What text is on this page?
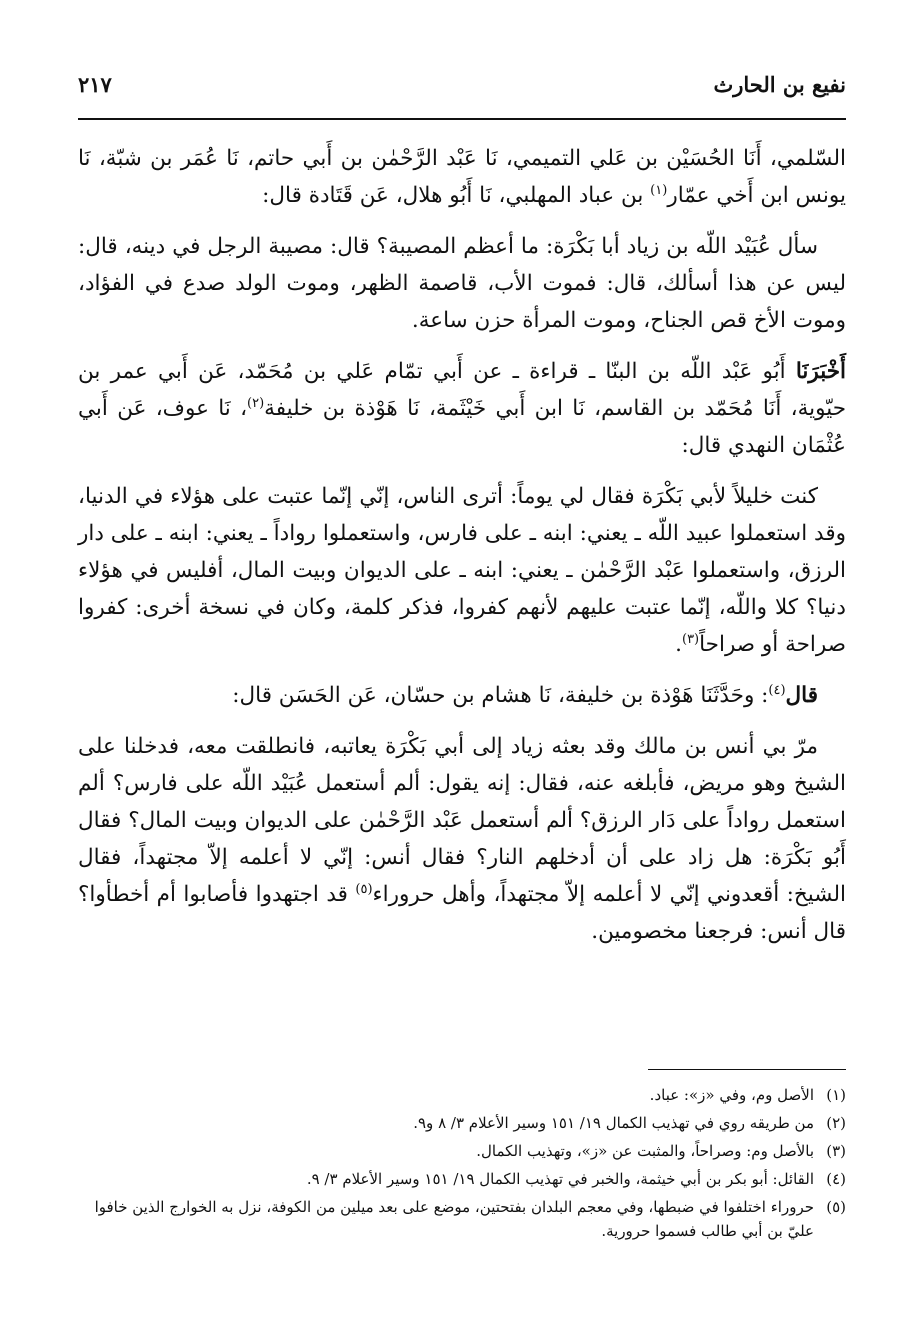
نفيع بن الحارث
٢١٧

السّلمي، أَنَا الحُسَيْن بن عَلي التميمي، نَا عَبْد الرَّحْمٰن بن أَبي حاتم، نَا عُمَر بن شبّة، نَا يونس ابن أَخي عمّار$^{(١)}$ بن عباد المهلبي، نَا أَبُو هلال، عَن قَتَادة قال:

سأل عُبَيْد اللّه بن زياد أبا بَكْرَة: ما أعظم المصيبة؟ قال: مصيبة الرجل في دينه، قال: ليس عن هذا أسألك، قال: فموت الأب، قاصمة الظهر، وموت الولد صدع في الفؤاد، وموت الأخ قص الجناح، وموت المرأة حزن ساعة.

أَخْبَرَنَا أَبُو عَبْد اللّه بن البنّا ـ قراءة ـ عن أَبي تمّام عَلي بن مُحَمّد، عَن أَبي عمر بن حيّوية، أَنَا مُحَمّد بن القاسم، نَا ابن أَبي خَيْثَمة، نَا هَوْذة بن خليفة$^{(٢)}$، نَا عوف، عَن أَبي عُثْمَان النهدي قال:

كنت خليلاً لأبي بَكْرَة فقال لي يوماً: أترى الناس، إنّي إنّما عتبت على هؤلاء في الدنيا، وقد استعملوا عبيد اللّه ـ يعني: ابنه ـ على فارس، واستعملوا رواداً ـ يعني: ابنه ـ على دار الرزق، واستعملوا عَبْد الرَّحْمٰن ـ يعني: ابنه ـ على الديوان وبيت المال، أفليس في هؤلاء دنيا؟ كلا واللّه، إنّما عتبت عليهم لأنهم كفروا، فذكر كلمة، وكان في نسخة أخرى: كفروا صراحة أو صراحاً$^{(٣)}$.

قال$^{(٤)}$: وحَدَّثَنَا هَوْذة بن خليفة، نَا هشام بن حسّان، عَن الحَسَن قال:

مرّ بي أنس بن مالك وقد بعثه زياد إلى أبي بَكْرَة يعاتبه، فانطلقت معه، فدخلنا على الشيخ وهو مريض، فأبلغه عنه، فقال: إنه يقول: ألم أستعمل عُبَيْد اللّه على فارس؟ ألم استعمل رواداً على دَار الرزق؟ ألم أستعمل عَبْد الرَّحْمٰن على الديوان وبيت المال؟ فقال أَبُو بَكْرَة: هل زاد على أن أدخلهم النار؟ فقال أنس: إنّي لا أعلمه إلاّ مجتهداً، فقال الشيخ: أقعدوني إنّي لا أعلمه إلاّ مجتهداً، وأهل حروراء$^{(٥)}$ قد اجتهدوا فأصابوا أم أخطأوا؟ قال أنس: فرجعنا مخصومين.

(١)
الأصل وم، وفي «ز»: عباد.
(٢)
من طريقه روي في تهذيب الكمال ١٩/ ١٥١ وسير الأعلام ٣/ ٨ و٩.
(٣)
بالأصل وم: وصراحاً، والمثبت عن «ز»، وتهذيب الكمال.
(٤)
القائل: أبو بكر بن أبي خيثمة، والخبر في تهذيب الكمال ١٩/ ١٥١ وسير الأعلام ٣/ ٩.
(٥)
حروراء اختلفوا في ضبطها، وفي معجم البلدان بفتحتين، موضع على بعد ميلين من الكوفة، نزل به الخوارج الذين خافوا عليّ بن أبي طالب فسموا حرورية.
